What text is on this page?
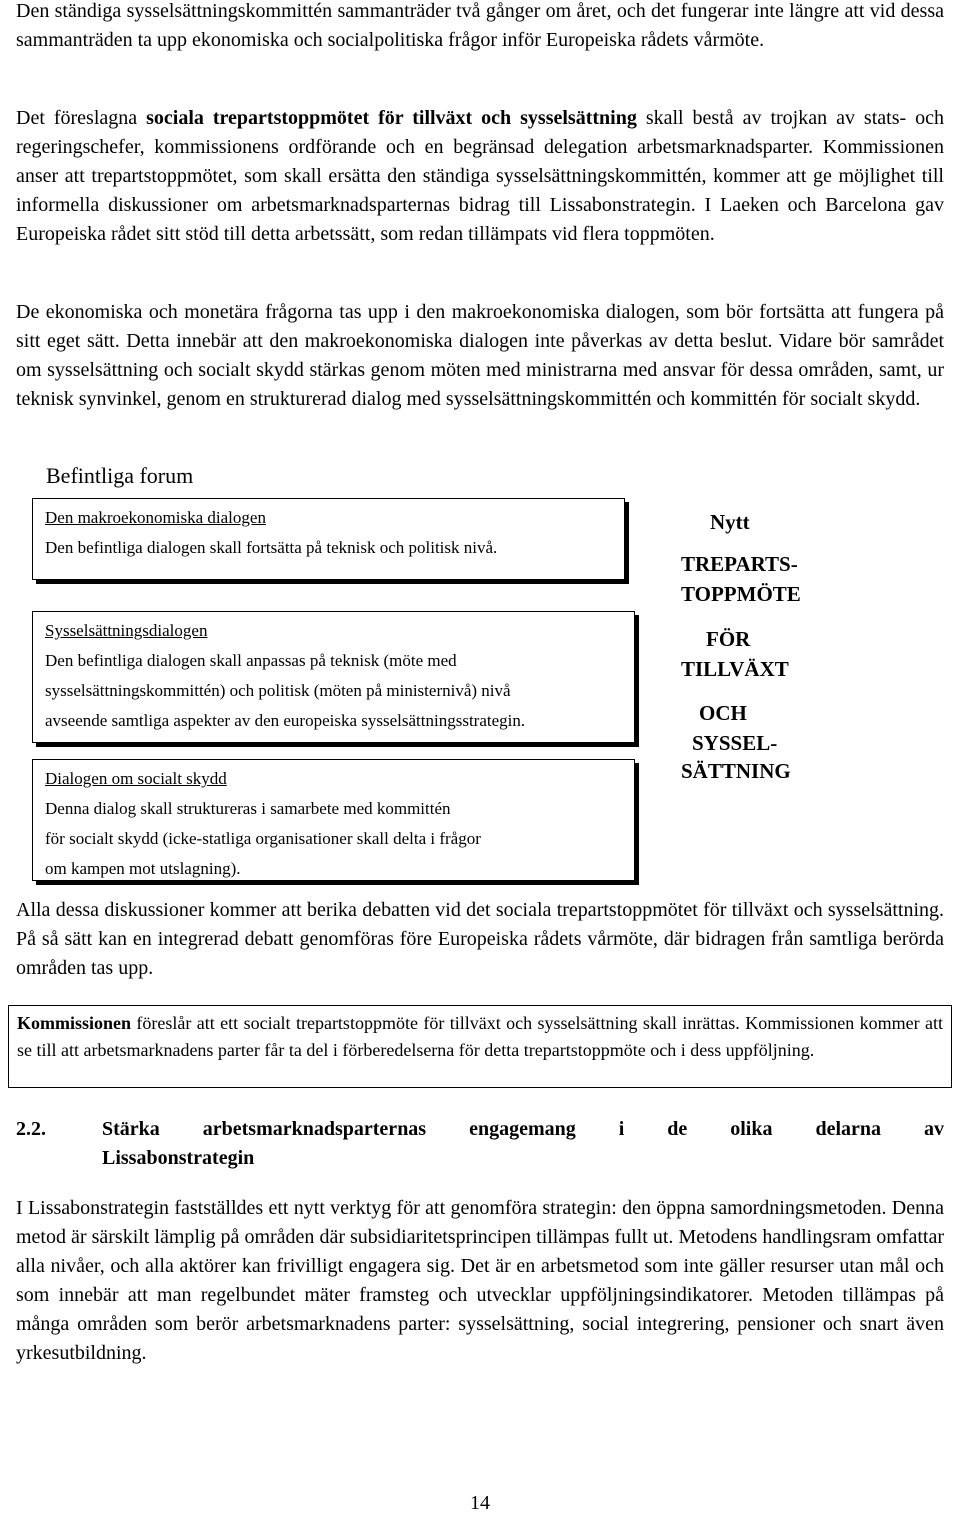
Den ständiga sysselsättningskommittén sammanträder två gånger om året, och det fungerar inte längre att vid dessa sammanträden ta upp ekonomiska och socialpolitiska frågor inför Europeiska rådets vårmöte.

Det föreslagna sociala trepartstoppmötet för tillväxt och sysselsättning skall bestå av trojkan av stats- och regeringschefer, kommissionens ordförande och en begränsad delegation arbetsmarknadsparter. Kommissionen anser att trepartstoppmötet, som skall ersätta den ständiga sysselsättningskommittén, kommer att ge möjlighet till informella diskussioner om arbetsmarknadsparternas bidrag till Lissabonstrategin. I Laeken och Barcelona gav Europeiska rådet sitt stöd till detta arbetssätt, som redan tillämpats vid flera toppmöten.

De ekonomiska och monetära frågorna tas upp i den makroekonomiska dialogen, som bör fortsätta att fungera på sitt eget sätt. Detta innebär att den makroekonomiska dialogen inte påverkas av detta beslut. Vidare bör samrådet om sysselsättning och socialt skydd stärkas genom möten med ministrarna med ansvar för dessa områden, samt, ur teknisk synvinkel, genom en strukturerad dialog med sysselsättningskommittén och kommittén för socialt skydd.

Befintliga forum
Den makroekonomiska dialogen
Den befintliga dialogen skall fortsätta på teknisk och politisk nivå.
Sysselsättningsdialogen
Den befintliga dialogen skall anpassas på teknisk (möte med
sysselsättningskommittén) och politisk (möten på ministernivå) nivå
avseende samtliga aspekter av den europeiska sysselsättningsstrategin.
Dialogen om socialt skydd
Denna dialog skall struktureras i samarbete med kommittén
för socialt skydd (icke-statliga organisationer skall delta i frågor
om kampen mot utslagning).
Nytt
TREPARTS-
TOPPMÖTE
FÖR
TILLVÄXT
OCH
SYSSEL-
SÄTTNING

Alla dessa diskussioner kommer att berika debatten vid det sociala trepartstoppmötet för tillväxt och sysselsättning. På så sätt kan en integrerad debatt genomföras före Europeiska rådets vårmöte, där bidragen från samtliga berörda områden tas upp.

Kommissionen föreslår att ett socialt trepartstoppmöte för tillväxt och sysselsättning skall inrättas. Kommissionen kommer att se till att arbetsmarknadens parter får ta del i förberedelserna för detta trepartstoppmöte och i dess uppföljning.
2.2.	Stärka arbetsmarknadsparternas engagemang i de olika delarna av
Lissabonstrategin

I Lissabonstrategin fastställdes ett nytt verktyg för att genomföra strategin: den öppna samordningsmetoden. Denna metod är särskilt lämplig på områden där subsidiaritetsprincipen tillämpas fullt ut. Metodens handlingsram omfattar alla nivåer, och alla aktörer kan frivilligt engagera sig. Det är en arbetsmetod som inte gäller resurser utan mål och som innebär att man regelbundet mäter framsteg och utvecklar uppföljningsindikatorer. Metoden tillämpas på många områden som berör arbetsmarknadens parter: sysselsättning, social integrering, pensioner och snart även yrkesutbildning.

14
